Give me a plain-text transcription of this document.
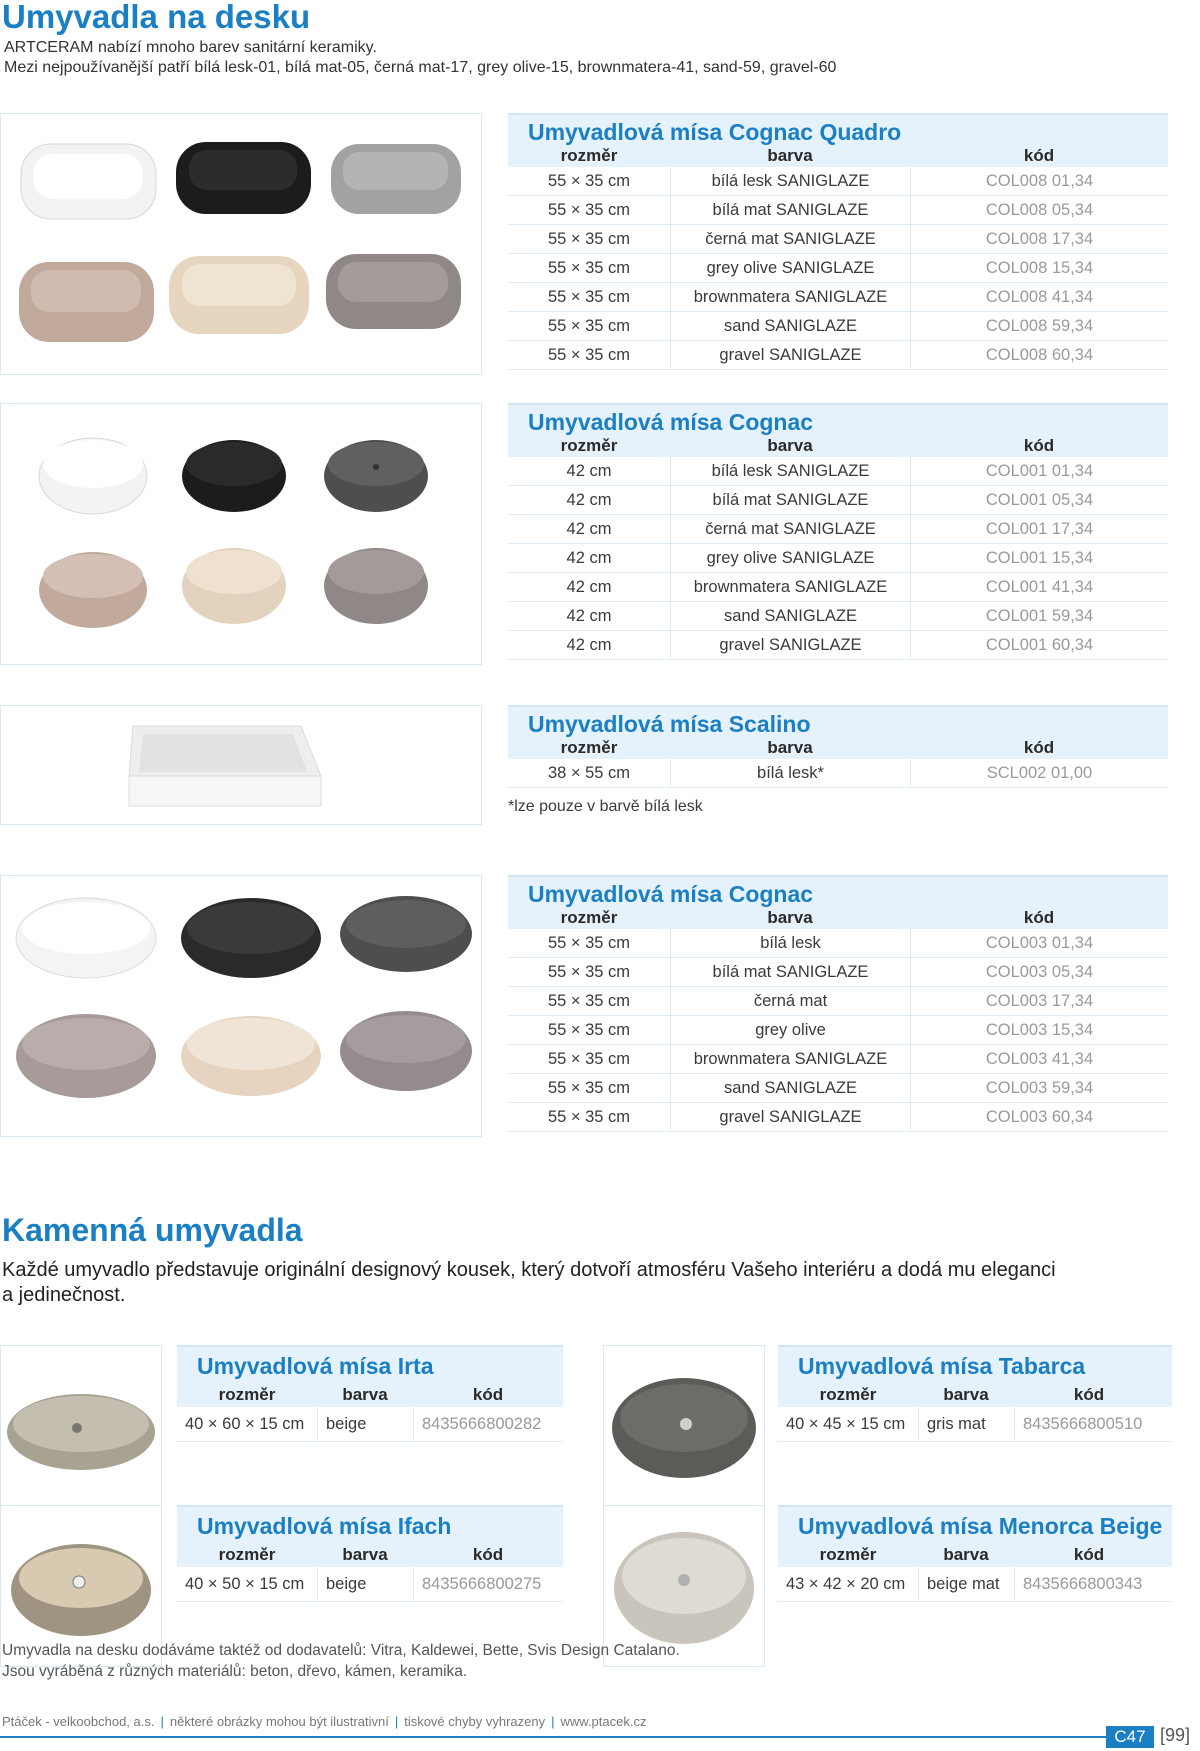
Umyvadla na desku
ARTCERAM nabízí mnoho barev sanitární keramiky.
Mezi nejpoužívanější patří bílá lesk-01, bílá mat-05, černá mat-17, grey olive-15, brownmatera-41, sand-59, gravel-60
Umyvadlová mísa Cognac Quadro
rozměr	barva	kód
55 × 35 cm	bílá lesk SANIGLAZE	COL008 01,34
55 × 35 cm	bílá mat SANIGLAZE	COL008 05,34
55 × 35 cm	černá mat SANIGLAZE	COL008 17,34
55 × 35 cm	grey olive SANIGLAZE	COL008 15,34
55 × 35 cm	brownmatera SANIGLAZE	COL008 41,34
55 × 35 cm	sand SANIGLAZE	COL008 59,34
55 × 35 cm	gravel SANIGLAZE	COL008 60,34
Umyvadlová mísa Cognac
rozměr	barva	kód
42 cm	bílá lesk SANIGLAZE	COL001 01,34
42 cm	bílá mat SANIGLAZE	COL001 05,34
42 cm	černá mat SANIGLAZE	COL001 17,34
42 cm	grey olive SANIGLAZE	COL001 15,34
42 cm	brownmatera SANIGLAZE	COL001 41,34
42 cm	sand SANIGLAZE	COL001 59,34
42 cm	gravel SANIGLAZE	COL001 60,34
Umyvadlová mísa Scalino
rozměr	barva	kód
38 × 55 cm	bílá lesk*	SCL002 01,00
*lze pouze v barvě bílá lesk
Umyvadlová mísa Cognac
rozměr	barva	kód
55 × 35 cm	bílá lesk	COL003 01,34
55 × 35 cm	bílá mat SANIGLAZE	COL003 05,34
55 × 35 cm	černá mat	COL003 17,34
55 × 35 cm	grey olive	COL003 15,34
55 × 35 cm	brownmatera SANIGLAZE	COL003 41,34
55 × 35 cm	sand SANIGLAZE	COL003 59,34
55 × 35 cm	gravel SANIGLAZE	COL003 60,34
Kamenná umyvadla
Každé umyvadlo představuje originální designový kousek, který dotvoří atmosféru Vašeho interiéru a dodá mu eleganci
a jedinečnost.
Umyvadlová mísa Irta
rozměr	barva	kód
40 × 60 × 15 cm	beige	8435666800282
Umyvadlová mísa Tabarca
rozměr	barva	kód
40 × 45 × 15 cm	gris mat	8435666800510
Umyvadlová mísa Ifach
rozměr	barva	kód
40 × 50 × 15 cm	beige	8435666800275
Umyvadlová mísa Menorca Beige
rozměr	barva	kód
43 × 42 × 20 cm	beige mat	8435666800343
Umyvadla na desku dodáváme taktéž od dodavatelů: Vitra, Kaldewei, Bette, Svis Design Catalano.
Jsou vyráběná z různých materiálů: beton, dřevo, kámen, keramika.
Ptáček - velkoobchod, a.s. | některé obrázky mohou být ilustrativní | tiskové chyby vyhrazeny | www.ptacek.cz
C47 [99]
